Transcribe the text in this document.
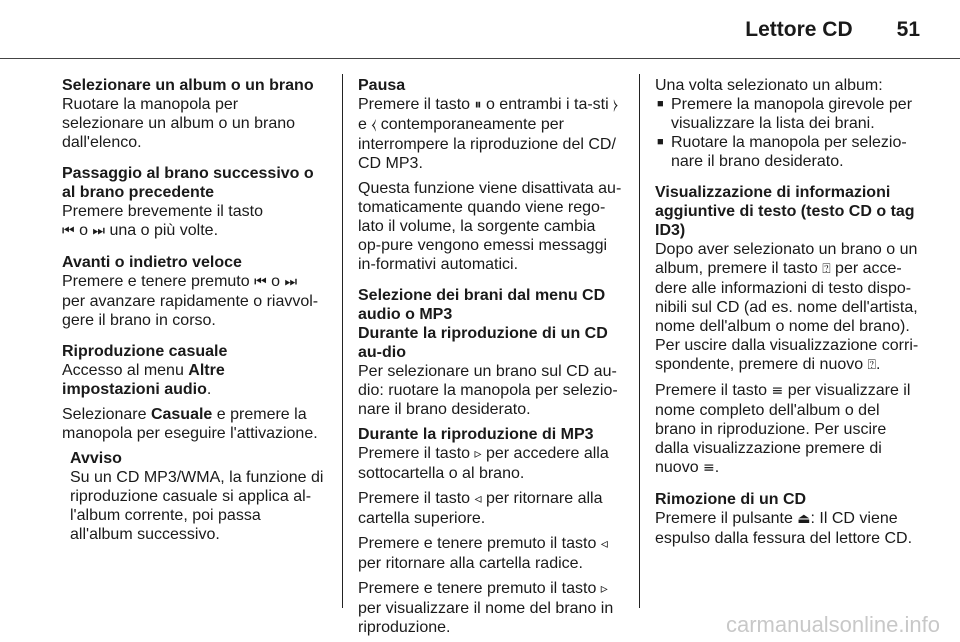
Lettore CD 51
Selezionare un album o un brano
Ruotare la manopola per selezionare un album o un brano dall'elenco.
Passaggio al brano successivo o al brano precedente
Premere brevemente il tasto
⏮ o ⏭ una o più volte.
Avanti o indietro veloce
Premere e tenere premuto ⏮ o ⏭ per avanzare rapidamente o riavvol-gere il brano in corso.
Riproduzione casuale
Accesso al menu Altre impostazioni audio.
Selezionare Casuale e premere la manopola per eseguire l'attivazione.
Avviso
Su un CD MP3/WMA, la funzione di riproduzione casuale si applica al-l'album corrente, poi passa all'album successivo.
Pausa
Premere il tasto ⏸︎ o entrambi i ta-sti ⧽ e ⧼ contemporaneamente per interrompere la riproduzione del CD/ CD MP3.
Questa funzione viene disattivata au-tomaticamente quando viene rego-lato il volume, la sorgente cambia op-pure vengono emessi messaggi in-formativi automatici.
Selezione dei brani dal menu CD audio o MP3
Durante la riproduzione di un CD au-dio
Per selezionare un brano sul CD au-dio: ruotare la manopola per selezio-nare il brano desiderato.
Durante la riproduzione di MP3
Premere il tasto ▹ per accedere alla sottocartella o al brano.
Premere il tasto ◃ per ritornare alla cartella superiore.
Premere e tenere premuto il tasto ◃ per ritornare alla cartella radice.
Premere e tenere premuto il tasto ▹ per visualizzare il nome del brano in riproduzione.
Una volta selezionato un album:
■ Premere la manopola girevole per visualizzare la lista dei brani.
■ Ruotare la manopola per selezio-nare il brano desiderato.
Visualizzazione di informazioni aggiuntive di testo (testo CD o tag ID3)
Dopo aver selezionato un brano o un album, premere il tasto ⍰ per acce-dere alle informazioni di testo dispo-nibili sul CD (ad es. nome dell'artista, nome dell'album o nome del brano). Per uscire dalla visualizzazione corri-spondente, premere di nuovo ⍰.
Premere il tasto ≡ per visualizzare il nome completo dell'album o del brano in riproduzione. Per uscire dalla visualizzazione premere di nuovo ≡.
Rimozione di un CD
Premere il pulsante ⏏: Il CD viene espulso dalla fessura del lettore CD.
carmanualsonline.info
